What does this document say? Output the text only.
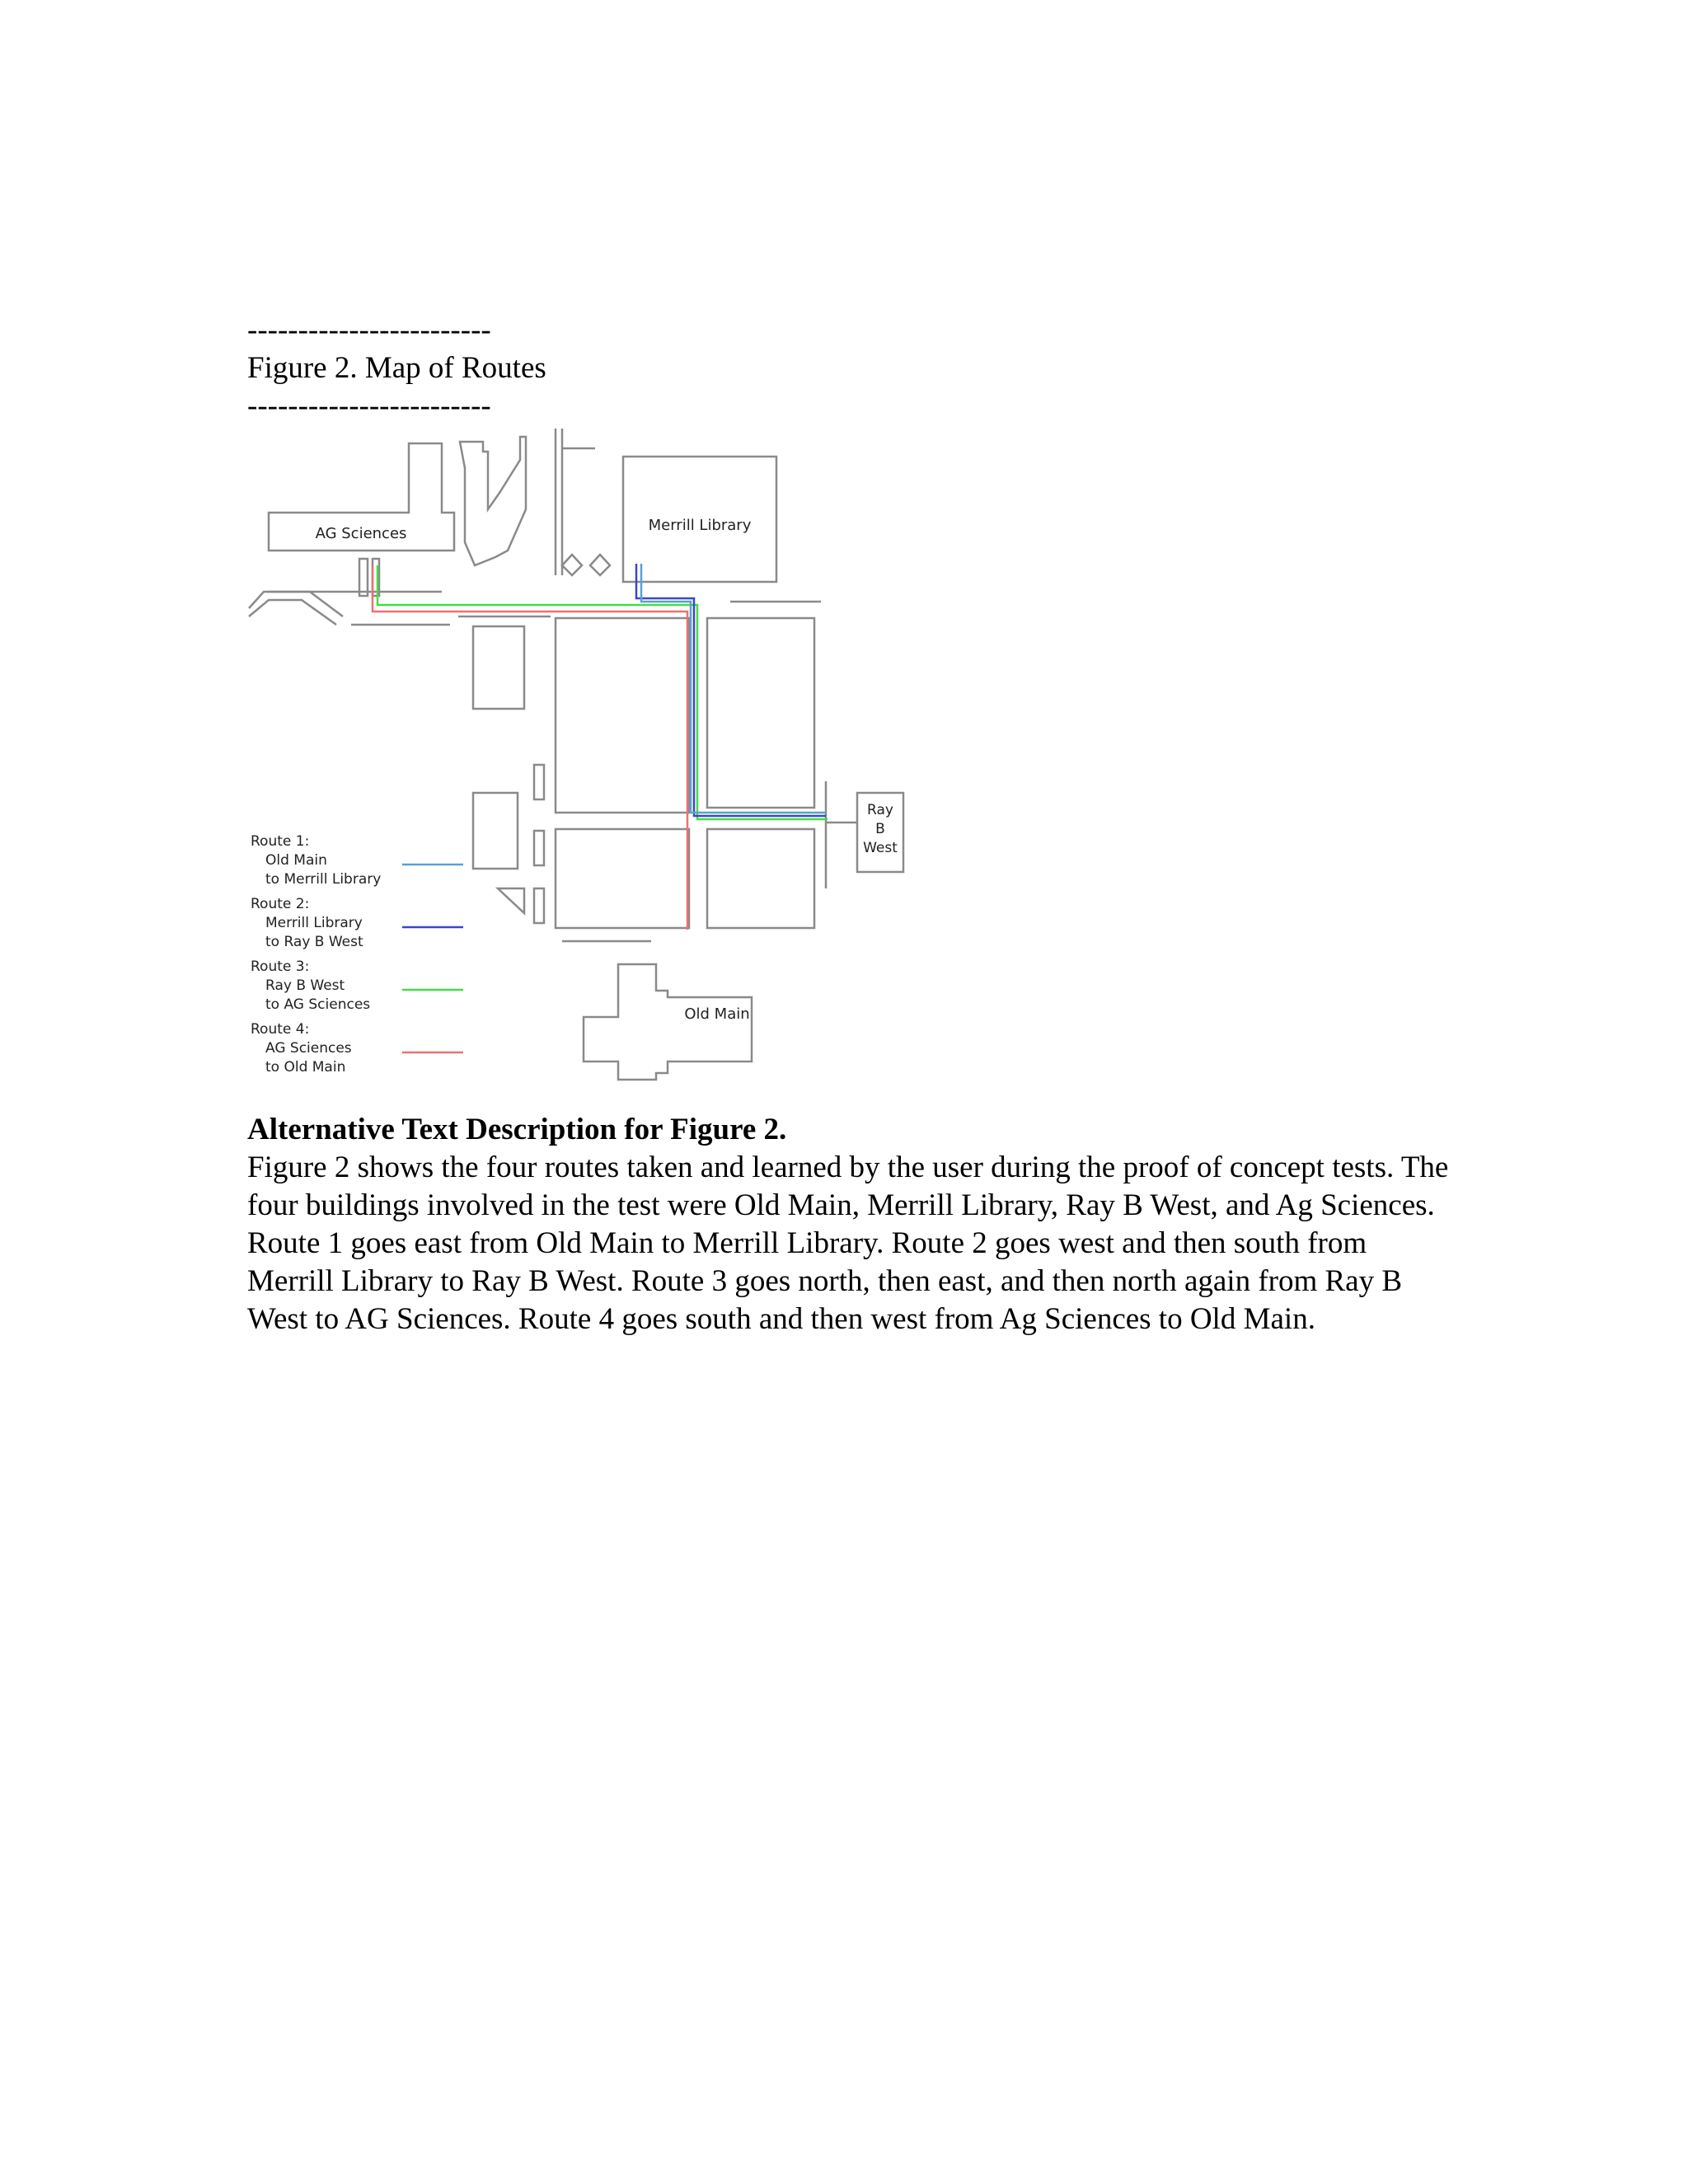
------------------------
Figure 2. Map of Routes
------------------------
AG Sciences	Merrill Library
Ray
B
West
Old Main
Route 1:
Old Main
to Merrill Library
Route 2:
Merrill Library
to Ray B West
Route 3:
Ray B West
to AG Sciences
Route 4:
AG Sciences
to Old Main
Alternative Text Description for Figure 2.
Figure 2 shows the four routes taken and learned by the user during the proof of concept tests. The four buildings involved in the test were Old Main, Merrill Library, Ray B West, and Ag Sciences. Route 1 goes east from Old Main to Merrill Library. Route 2 goes west and then south from Merrill Library to Ray B West. Route 3 goes north, then east, and then north again from Ray B West to AG Sciences. Route 4 goes south and then west from Ag Sciences to Old Main.
